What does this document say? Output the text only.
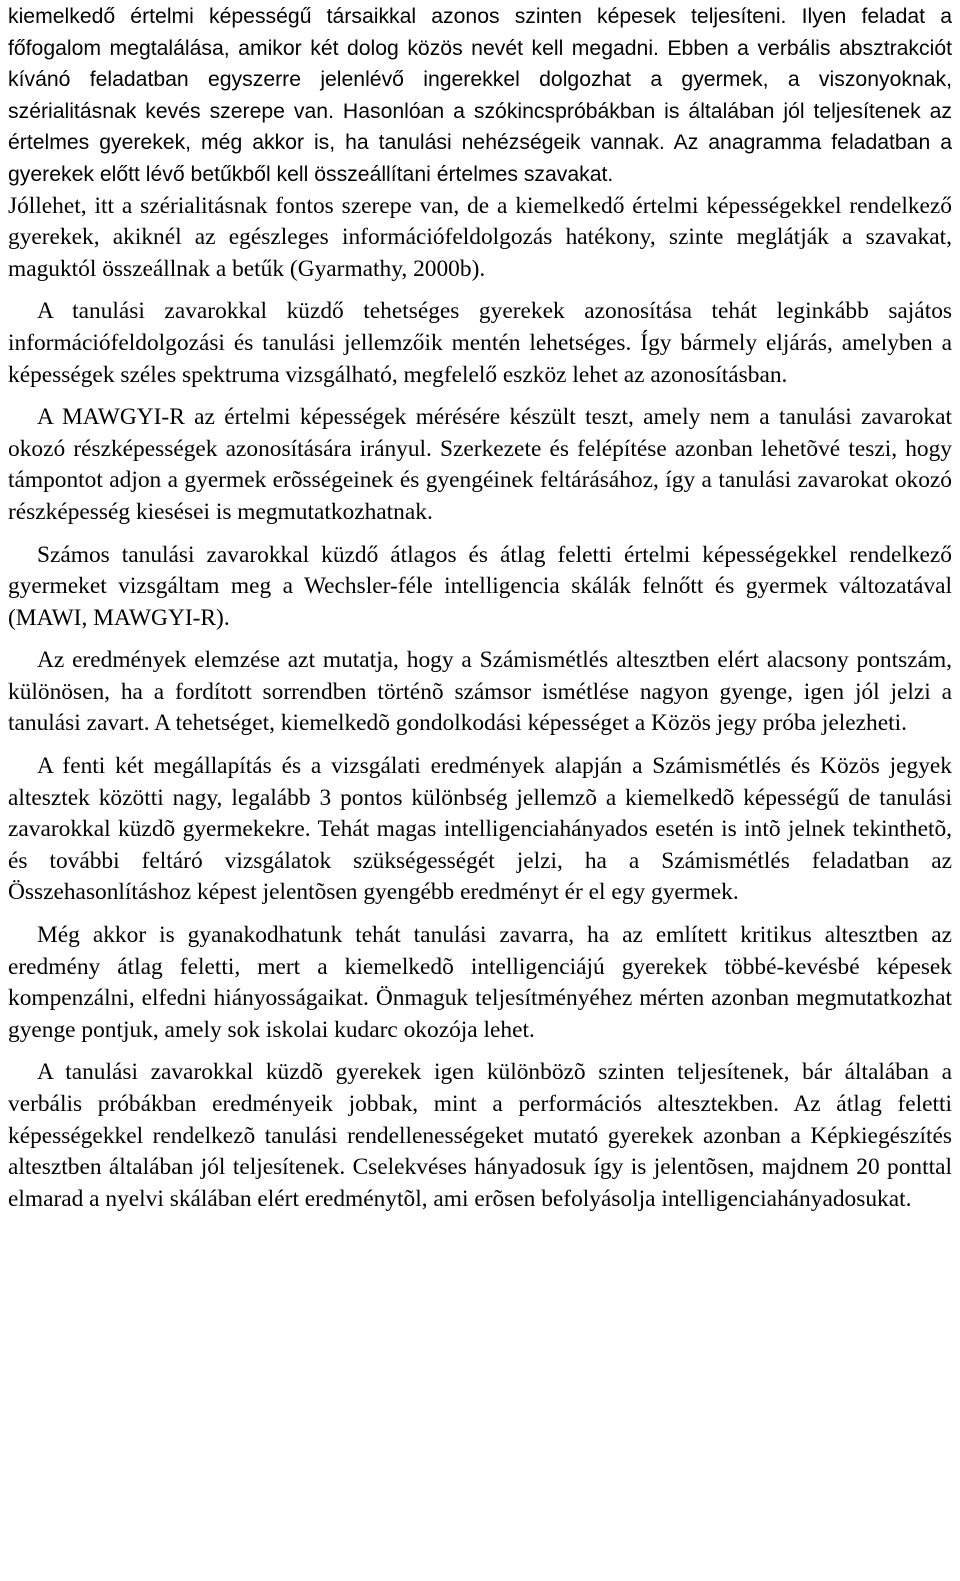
kiemelkedő értelmi képességű társaikkal azonos szinten képesek teljesíteni. Ilyen feladat a főfogalom megtalálása, amikor két dolog közös nevét kell megadni. Ebben a verbális absztrakciót kívánó feladatban egyszerre jelenlévő ingerekkel dolgozhat a gyermek, a viszonyoknak, szérialitásnak kevés szerepe van. Hasonlóan a szókincspróbákban is általában jól teljesítenek az értelmes gyerekek, még akkor is, ha tanulási nehézségeik vannak. Az anagramma feladatban a gyerekek előtt lévő betűkből kell összeállítani értelmes szavakat.

Jóllehet, itt a szérialitásnak fontos szerepe van, de a kiemelkedő értelmi képességekkel rendelkező gyerekek, akiknél az egészleges információfeldolgozás hatékony, szinte meglátják a szavakat, maguktól összeállnak a betűk (Gyarmathy, 2000b).

A tanulási zavarokkal küzdő tehetséges gyerekek azonosítása tehát leginkább sajátos információfeldolgozási és tanulási jellemzőik mentén lehetséges. Így bármely eljárás, amelyben a képességek széles spektruma vizsgálható, megfelelő eszköz lehet az azonosításban.

A MAWGYI-R az értelmi képességek mérésére készült teszt, amely nem a tanulási zavarokat okozó részképességek azonosítására irányul. Szerkezete és felépítése azonban lehetõvé teszi, hogy támpontot adjon a gyermek erõsségeinek és gyengéinek feltárásához, így a tanulási zavarokat okozó részképesség kiesései is megmutatkozhatnak.

Számos tanulási zavarokkal küzdő átlagos és átlag feletti értelmi képességekkel rendelkező gyermeket vizsgáltam meg a Wechsler-féle intelligencia skálák felnőtt és gyermek változatával (MAWI, MAWGYI-R).

Az eredmények elemzése azt mutatja, hogy a Számismétlés altesztben elért alacsony pontszám, különösen, ha a fordított sorrendben történõ számsor ismétlése nagyon gyenge, igen jól jelzi a tanulási zavart. A tehetséget, kiemelkedõ gondolkodási képességet a Közös jegy próba jelezheti.

A fenti két megállapítás és a vizsgálati eredmények alapján a Számismétlés és Közös jegyek altesztek közötti nagy, legalább 3 pontos különbség jellemzõ a kiemelkedõ képességű de tanulási zavarokkal küzdõ gyermekekre. Tehát magas intelligenciahányados esetén is intõ jelnek tekinthetõ, és további feltáró vizsgálatok szükségességét jelzi, ha a Számismétlés feladatban az Összehasonlításhoz képest jelentõsen gyengébb eredményt ér el egy gyermek.

Még akkor is gyanakodhatunk tehát tanulási zavarra, ha az említett kritikus altesztben az eredmény átlag feletti, mert a kiemelkedõ intelligenciájú gyerekek többé-kevésbé képesek kompenzálni, elfedni hiányosságaikat. Önmaguk teljesítményéhez mérten azonban megmutatkozhat gyenge pontjuk, amely sok iskolai kudarc okozója lehet.

A tanulási zavarokkal küzdõ gyerekek igen különbözõ szinten teljesítenek, bár általában a verbális próbákban eredményeik jobbak, mint a performációs altesztekben. Az átlag feletti képességekkel rendelkezõ tanulási rendellenességeket mutató gyerekek azonban a Képkiegészítés altesztben általában jól teljesítenek. Cselekvéses hányadosuk így is jelentõsen, majdnem 20 ponttal elmarad a nyelvi skálában elért eredménytõl, ami erõsen befolyásolja intelligenciahányadosukat.
